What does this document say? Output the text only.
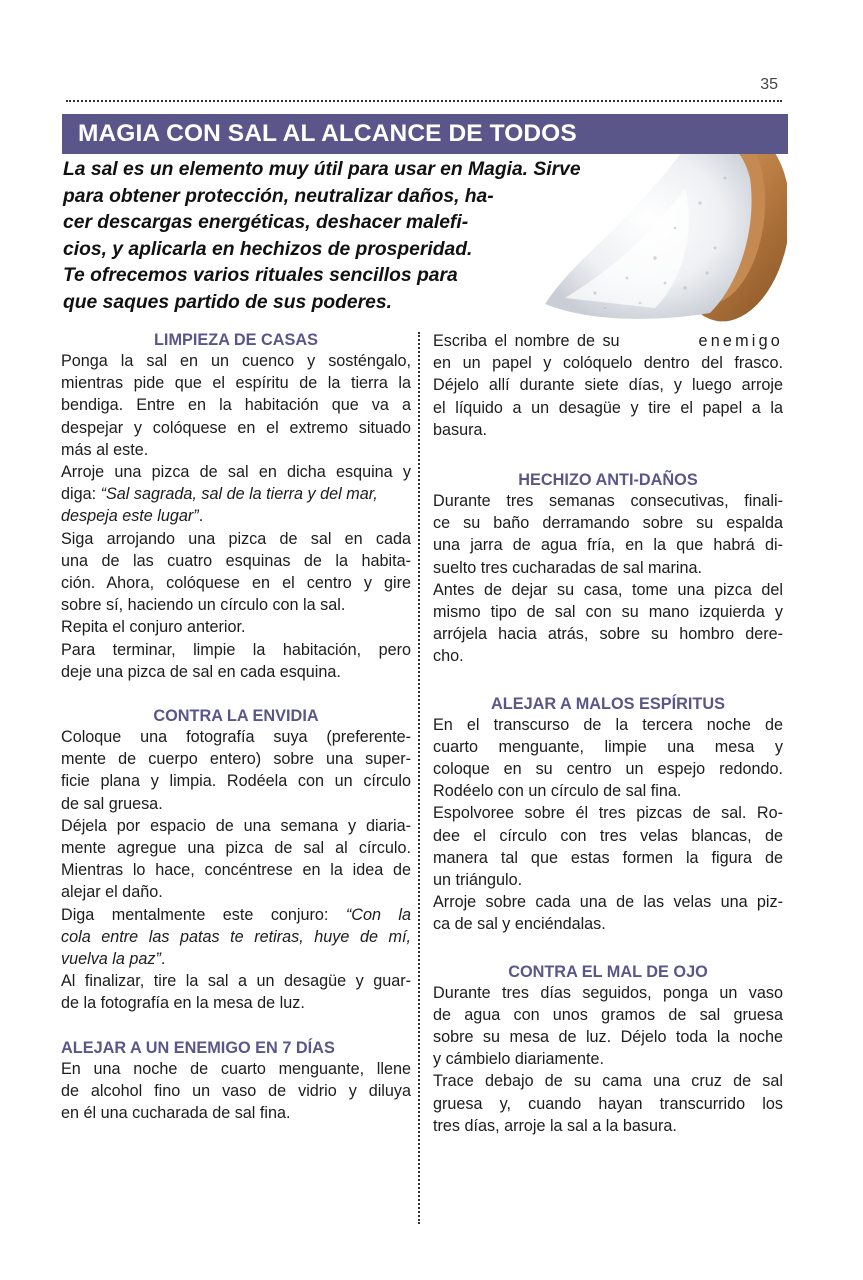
35
MAGIA CON SAL AL ALCANCE DE TODOS
La sal es un elemento muy útil para usar en Magia. Sirve
para obtener protección, neutralizar daños, ha-
cer descargas energéticas, deshacer malefi-
cios, y aplicarla en hechizos de prosperidad.
Te ofrecemos varios rituales sencillos para
que saques partido de sus poderes.
LIMPIEZA DE CASAS
Ponga la sal en un cuenco y sosténgalo,
mientras pide que el espíritu de la tierra la
bendiga. Entre en la habitación que va a
despejar y colóquese en el extremo situado
más al este.
Arroje una pizca de sal en dicha esquina y
diga: “Sal sagrada, sal de la tierra y del mar,
despeja este lugar”.
Siga arrojando una pizca de sal en cada
una de las cuatro esquinas de la habita-
ción. Ahora, colóquese en el centro y gire
sobre sí, haciendo un círculo con la sal.
Repita el conjuro anterior.
Para terminar, limpie la habitación, pero
deje una pizca de sal en cada esquina.
CONTRA LA ENVIDIA
Coloque una fotografía suya (preferente-
mente de cuerpo entero) sobre una super-
ficie plana y limpia. Rodéela con un círculo
de sal gruesa.
Déjela por espacio de una semana y diaria-
mente agregue una pizca de sal al círculo.
Mientras lo hace, concéntrese en la idea de
alejar el daño.
Diga mentalmente este conjuro: “Con la
cola entre las patas te retiras, huye de mí,
vuelva la paz”.
Al finalizar, tire la sal a un desagüe y guar-
de la fotografía en la mesa de luz.
ALEJAR A UN ENEMIGO EN 7 DÍAS
En una noche de cuarto menguante, llene
de alcohol fino un vaso de vidrio y diluya
en él una cucharada de sal fina.
Escriba el nombre de su	enemigo
en un papel y colóquelo dentro del frasco.
Déjelo allí durante siete días, y luego arroje
el líquido a un desagüe y tire el papel a la
basura.
HECHIZO ANTI-DAÑOS
Durante tres semanas consecutivas, finali-
ce su baño derramando sobre su espalda
una jarra de agua fría, en la que habrá di-
suelto tres cucharadas de sal marina.
Antes de dejar su casa, tome una pizca del
mismo tipo de sal con su mano izquierda y
arrójela hacia atrás, sobre su hombro dere-
cho.
ALEJAR A MALOS ESPÍRITUS
En el transcurso de la tercera noche de
cuarto menguante, limpie una mesa y
coloque en su centro un espejo redondo.
Rodéelo con un círculo de sal fina.
Espolvoree sobre él tres pizcas de sal. Ro-
dee el círculo con tres velas blancas, de
manera tal que estas formen la figura de
un triángulo.
Arroje sobre cada una de las velas una piz-
ca de sal y enciéndalas.
CONTRA EL MAL DE OJO
Durante tres días seguidos, ponga un vaso
de agua con unos gramos de sal gruesa
sobre su mesa de luz. Déjelo toda la noche
y cámbielo diariamente.
Trace debajo de su cama una cruz de sal
gruesa y, cuando hayan transcurrido los
tres días, arroje la sal a la basura.
